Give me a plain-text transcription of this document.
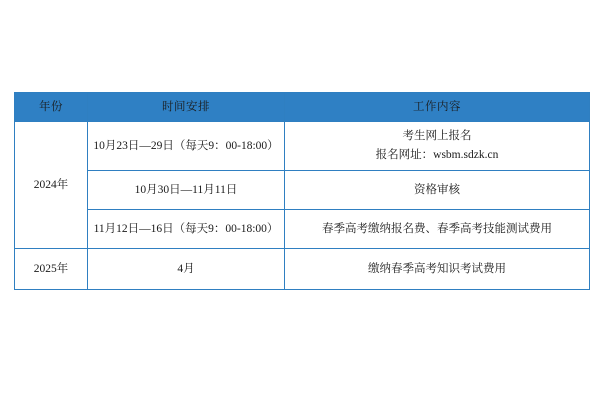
年份	时间安排	工作内容
2024年	10月23日—29日（每天9：00-18:00）	考生网上报名
报名网址：wsbm.sdzk.cn

	10月30日—11月11日	资格审核

	11月12日—16日（每天9：00-18:00）	春季高考缴纳报名费、春季高考技能测试费用

2025年	4月	缴纳春季高考知识考试费用
